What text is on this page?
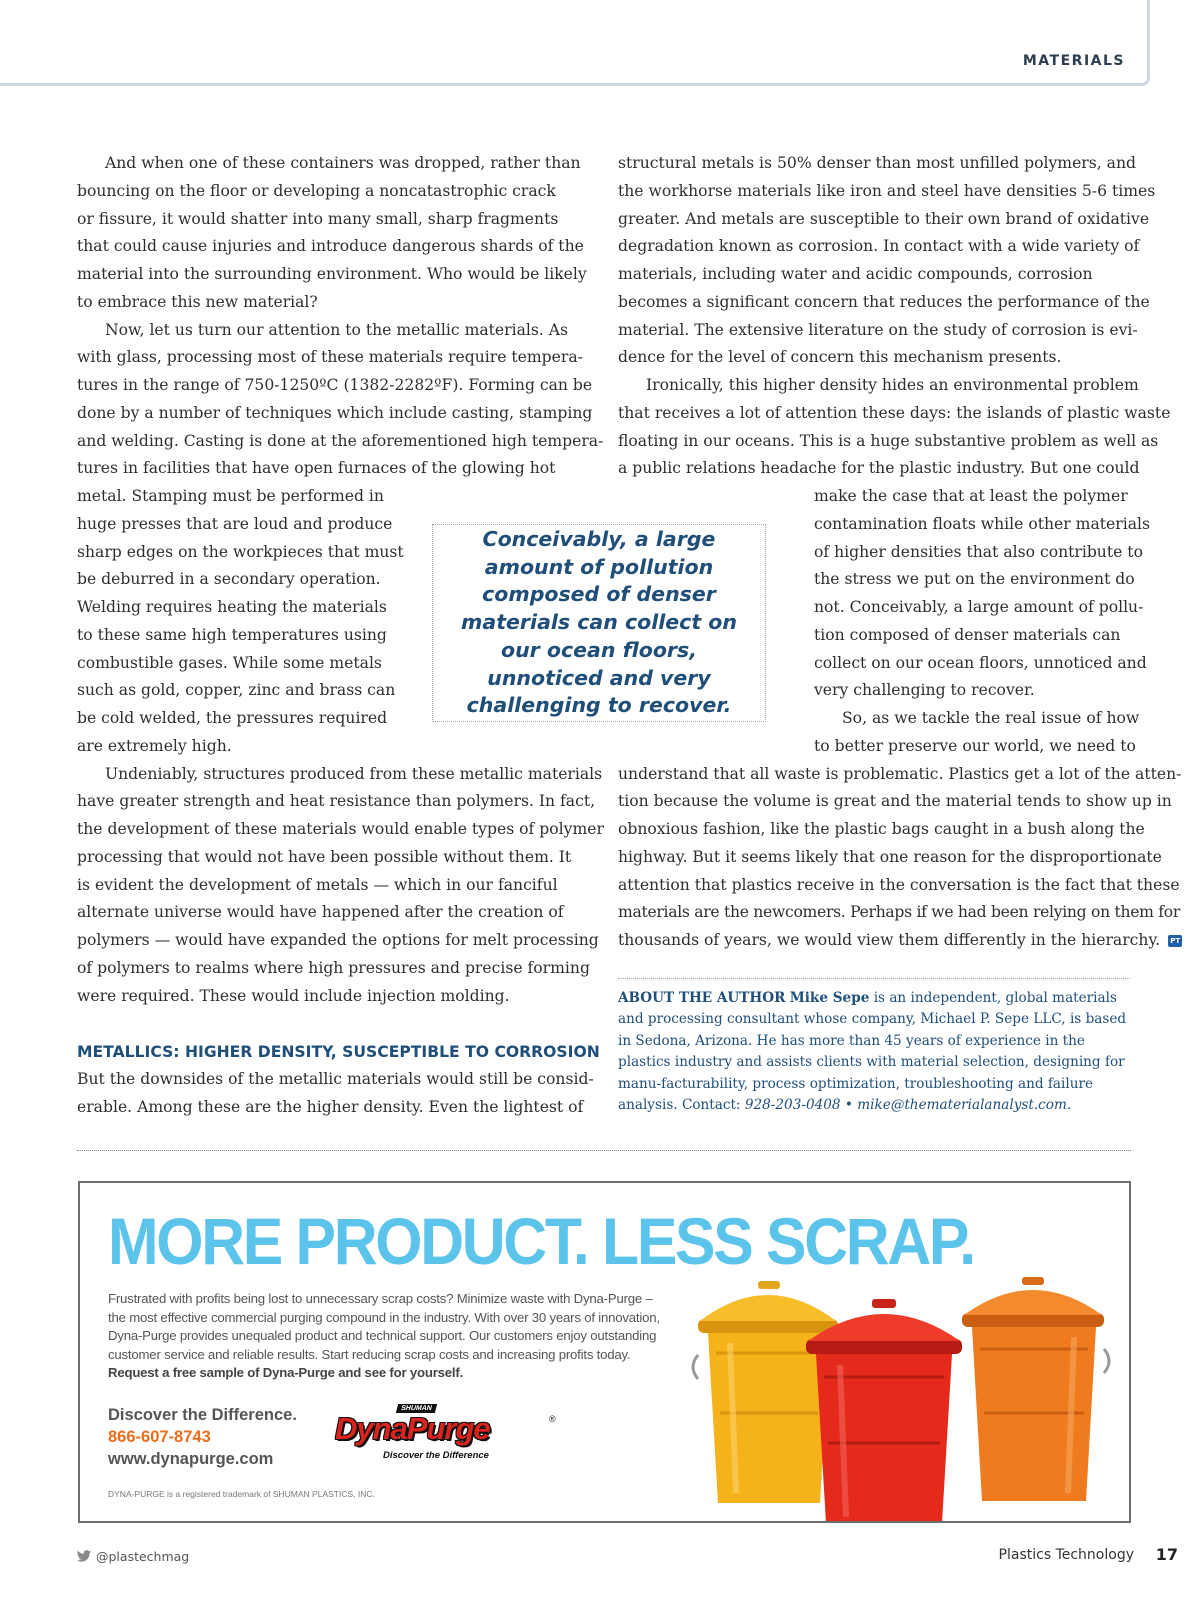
MATERIALS

And when one of these containers was dropped, rather than
bouncing on the floor or developing a noncatastrophic crack
or fissure, it would shatter into many small, sharp fragments
that could cause injuries and introduce dangerous shards of the
material into the surrounding environment. Who would be likely
to embrace this new material?

Now, let us turn our attention to the metallic materials. As
with glass, processing most of these materials require tempera-
tures in the range of 750-1250ºC (1382-2282ºF). Forming can be
done by a number of techniques which include casting, stamping
and welding. Casting is done at the aforementioned high tempera-
tures in facilities that have open furnaces of the glowing hot
metal. Stamping must be performed in
huge presses that are loud and produce
sharp edges on the workpieces that must
be deburred in a secondary operation.
Welding requires heating the materials
to these same high temperatures using
combustible gases. While some metals
such as gold, copper, zinc and brass can
be cold welded, the pressures required
are extremely high.

Undeniably, structures produced from these metallic materials
have greater strength and heat resistance than polymers. In fact,
the development of these materials would enable types of polymer
processing that would not have been possible without them. It
is evident the development of metals — which in our fanciful
alternate universe would have happened after the creation of
polymers — would have expanded the options for melt processing
of polymers to realms where high pressures and precise forming
were required. These would include injection molding.

METALLICS: HIGHER DENSITY, SUSCEPTIBLE TO CORROSION

But the downsides of the metallic materials would still be consid-
erable. Among these are the higher density. Even the lightest of

structural metals is 50% denser than most unfilled polymers, and
the workhorse materials like iron and steel have densities 5-6 times
greater. And metals are susceptible to their own brand of oxidative
degradation known as corrosion. In contact with a wide variety of
materials, including water and acidic compounds, corrosion
becomes a significant concern that reduces the performance of the
material. The extensive literature on the study of corrosion is evi-
dence for the level of concern this mechanism presents.

Ironically, this higher density hides an environmental problem
that receives a lot of attention these days: the islands of plastic waste
floating in our oceans. This is a huge substantive problem as well as
a public relations headache for the plastic industry. But one could
make the case that at least the polymer
contamination floats while other materials
of higher densities that also contribute to
the stress we put on the environment do
not. Conceivably, a large amount of pollu-
tion composed of denser materials can
collect on our ocean floors, unnoticed and
very challenging to recover.

So, as we tackle the real issue of how
to better preserve our world, we need to
understand that all waste is problematic. Plastics get a lot of the atten-
tion because the volume is great and the material tends to show up in
obnoxious fashion, like the plastic bags caught in a bush along the
highway. But it seems likely that one reason for the disproportionate
attention that plastics receive in the conversation is the fact that these
materials are the newcomers. Perhaps if we had been relying on them for
thousands of years, we would view them differently in the hierarchy. PT

Conceivably, a large amount of pollution composed of denser materials can collect on our ocean floors, unnoticed and very challenging to recover.
ABOUT THE AUTHOR Mike Sepe is an independent, global materials and processing consultant whose company, Michael P. Sepe LLC, is based in Sedona, Arizona. He has more than 45 years of experience in the plastics industry and assists clients with material selection, designing for manu-facturability, process optimization, troubleshooting and failure analysis. Contact: 928-203-0408 • mike@thematerialanalyst.com.
MORE PRODUCT. LESS SCRAP.
Frustrated with profits being lost to unnecessary scrap costs? Minimize waste with Dyna-Purge –
the most effective commercial purging compound in the industry. With over 30 years of innovation,
Dyna-Purge provides unequaled product and technical support. Our customers enjoy outstanding
customer service and reliable results. Start reducing scrap costs and increasing profits today.
Request a free sample of Dyna-Purge and see for yourself.
Discover the Difference.
866-607-8743
www.dynapurge.com
DYNA-PURGE is a registered trademark of SHUMAN PLASTICS, INC.
SHUMAN
DynaPurge	®
Discover the Difference
@plastechmag	Plastics Technology 17
